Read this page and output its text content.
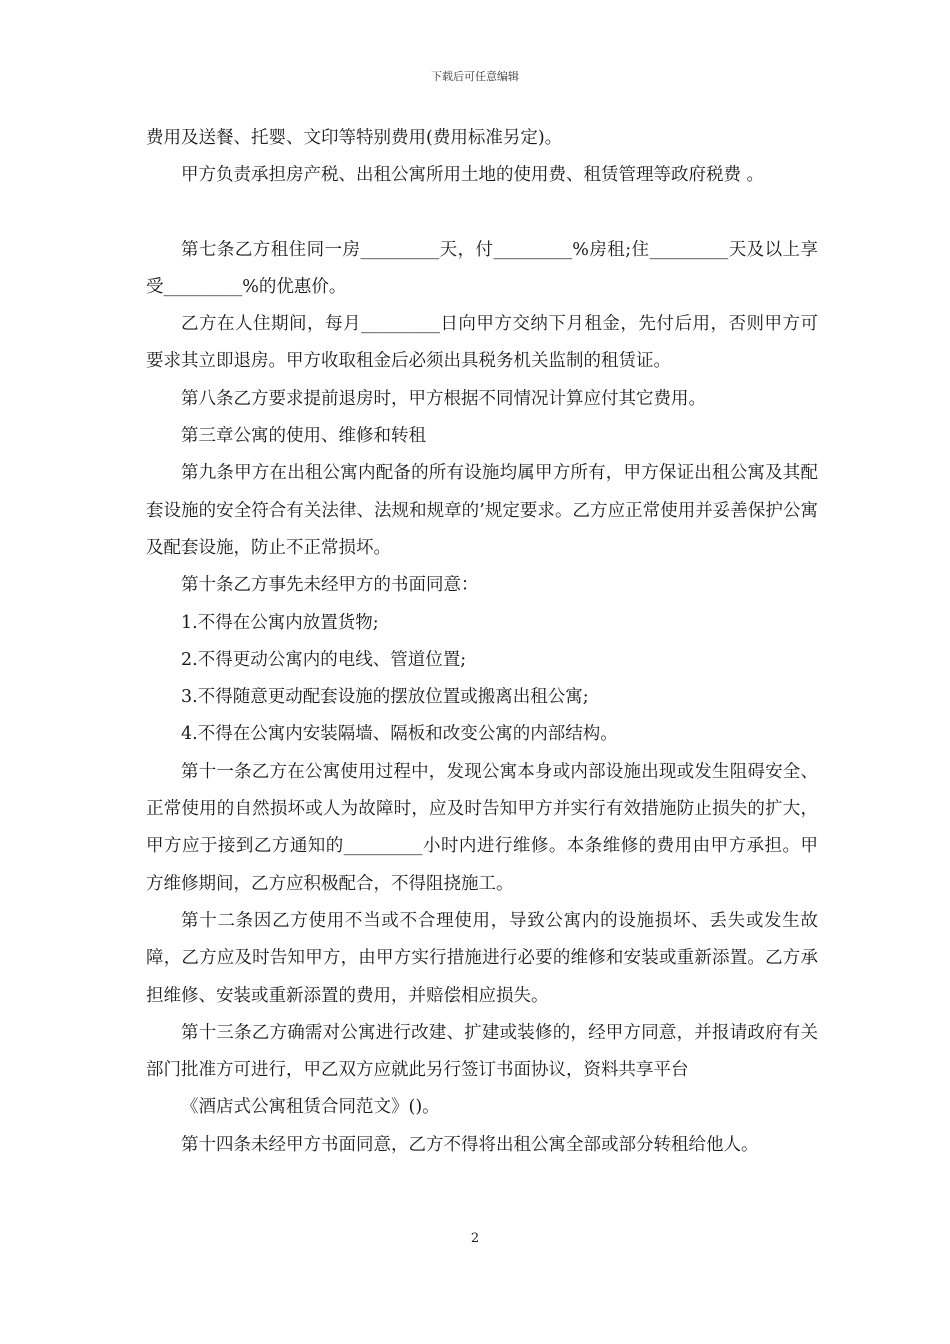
下载后可任意编辑

费用及送餐、托婴、文印等特别费用(费用标准另定)。

甲方负责承担房产税、出租公寓所用土地的使用费、租赁管理等政府税费 。

第七条乙方租住同一房_________天，付_________%房租;住_________天及以上享受_________%的优惠价。

乙方在人住期间，每月_________日向甲方交纳下月租金，先付后用，否则甲方可要求其立即退房。甲方收取租金后必须出具税务机关监制的租赁证。

第八条乙方要求提前退房时，甲方根据不同情况计算应付其它费用。

第三章公寓的使用、维修和转租

第九条甲方在出租公寓内配备的所有设施均属甲方所有，甲方保证出租公寓及其配套设施的安全符合有关法律、法规和规章的’规定要求。乙方应正常使用并妥善保护公寓及配套设施，防止不正常损坏。

第十条乙方事先未经甲方的书面同意：

1.不得在公寓内放置货物;

2.不得更动公寓内的电线、管道位置;

3.不得随意更动配套设施的摆放位置或搬离出租公寓;

4.不得在公寓内安装隔墙、隔板和改变公寓的内部结构。

第十一条乙方在公寓使用过程中，发现公寓本身或内部设施出现或发生阻碍安全、正常使用的自然损坏或人为故障时，应及时告知甲方并实行有效措施防止损失的扩大，甲方应于接到乙方通知的_________小时内进行维修。本条维修的费用由甲方承担。甲方维修期间，乙方应积极配合，不得阻挠施工。

第十二条因乙方使用不当或不合理使用，导致公寓内的设施损坏、丢失或发生故障，乙方应及时告知甲方，由甲方实行措施进行必要的维修和安装或重新添置。乙方承担维修、安装或重新添置的费用，并赔偿相应损失。

第十三条乙方确需对公寓进行改建、扩建或装修的，经甲方同意，并报请政府有关部门批准方可进行，甲乙双方应就此另行签订书面协议，资料共享平台

《酒店式公寓租赁合同范文》()。

第十四条未经甲方书面同意，乙方不得将出租公寓全部或部分转租给他人。

2
